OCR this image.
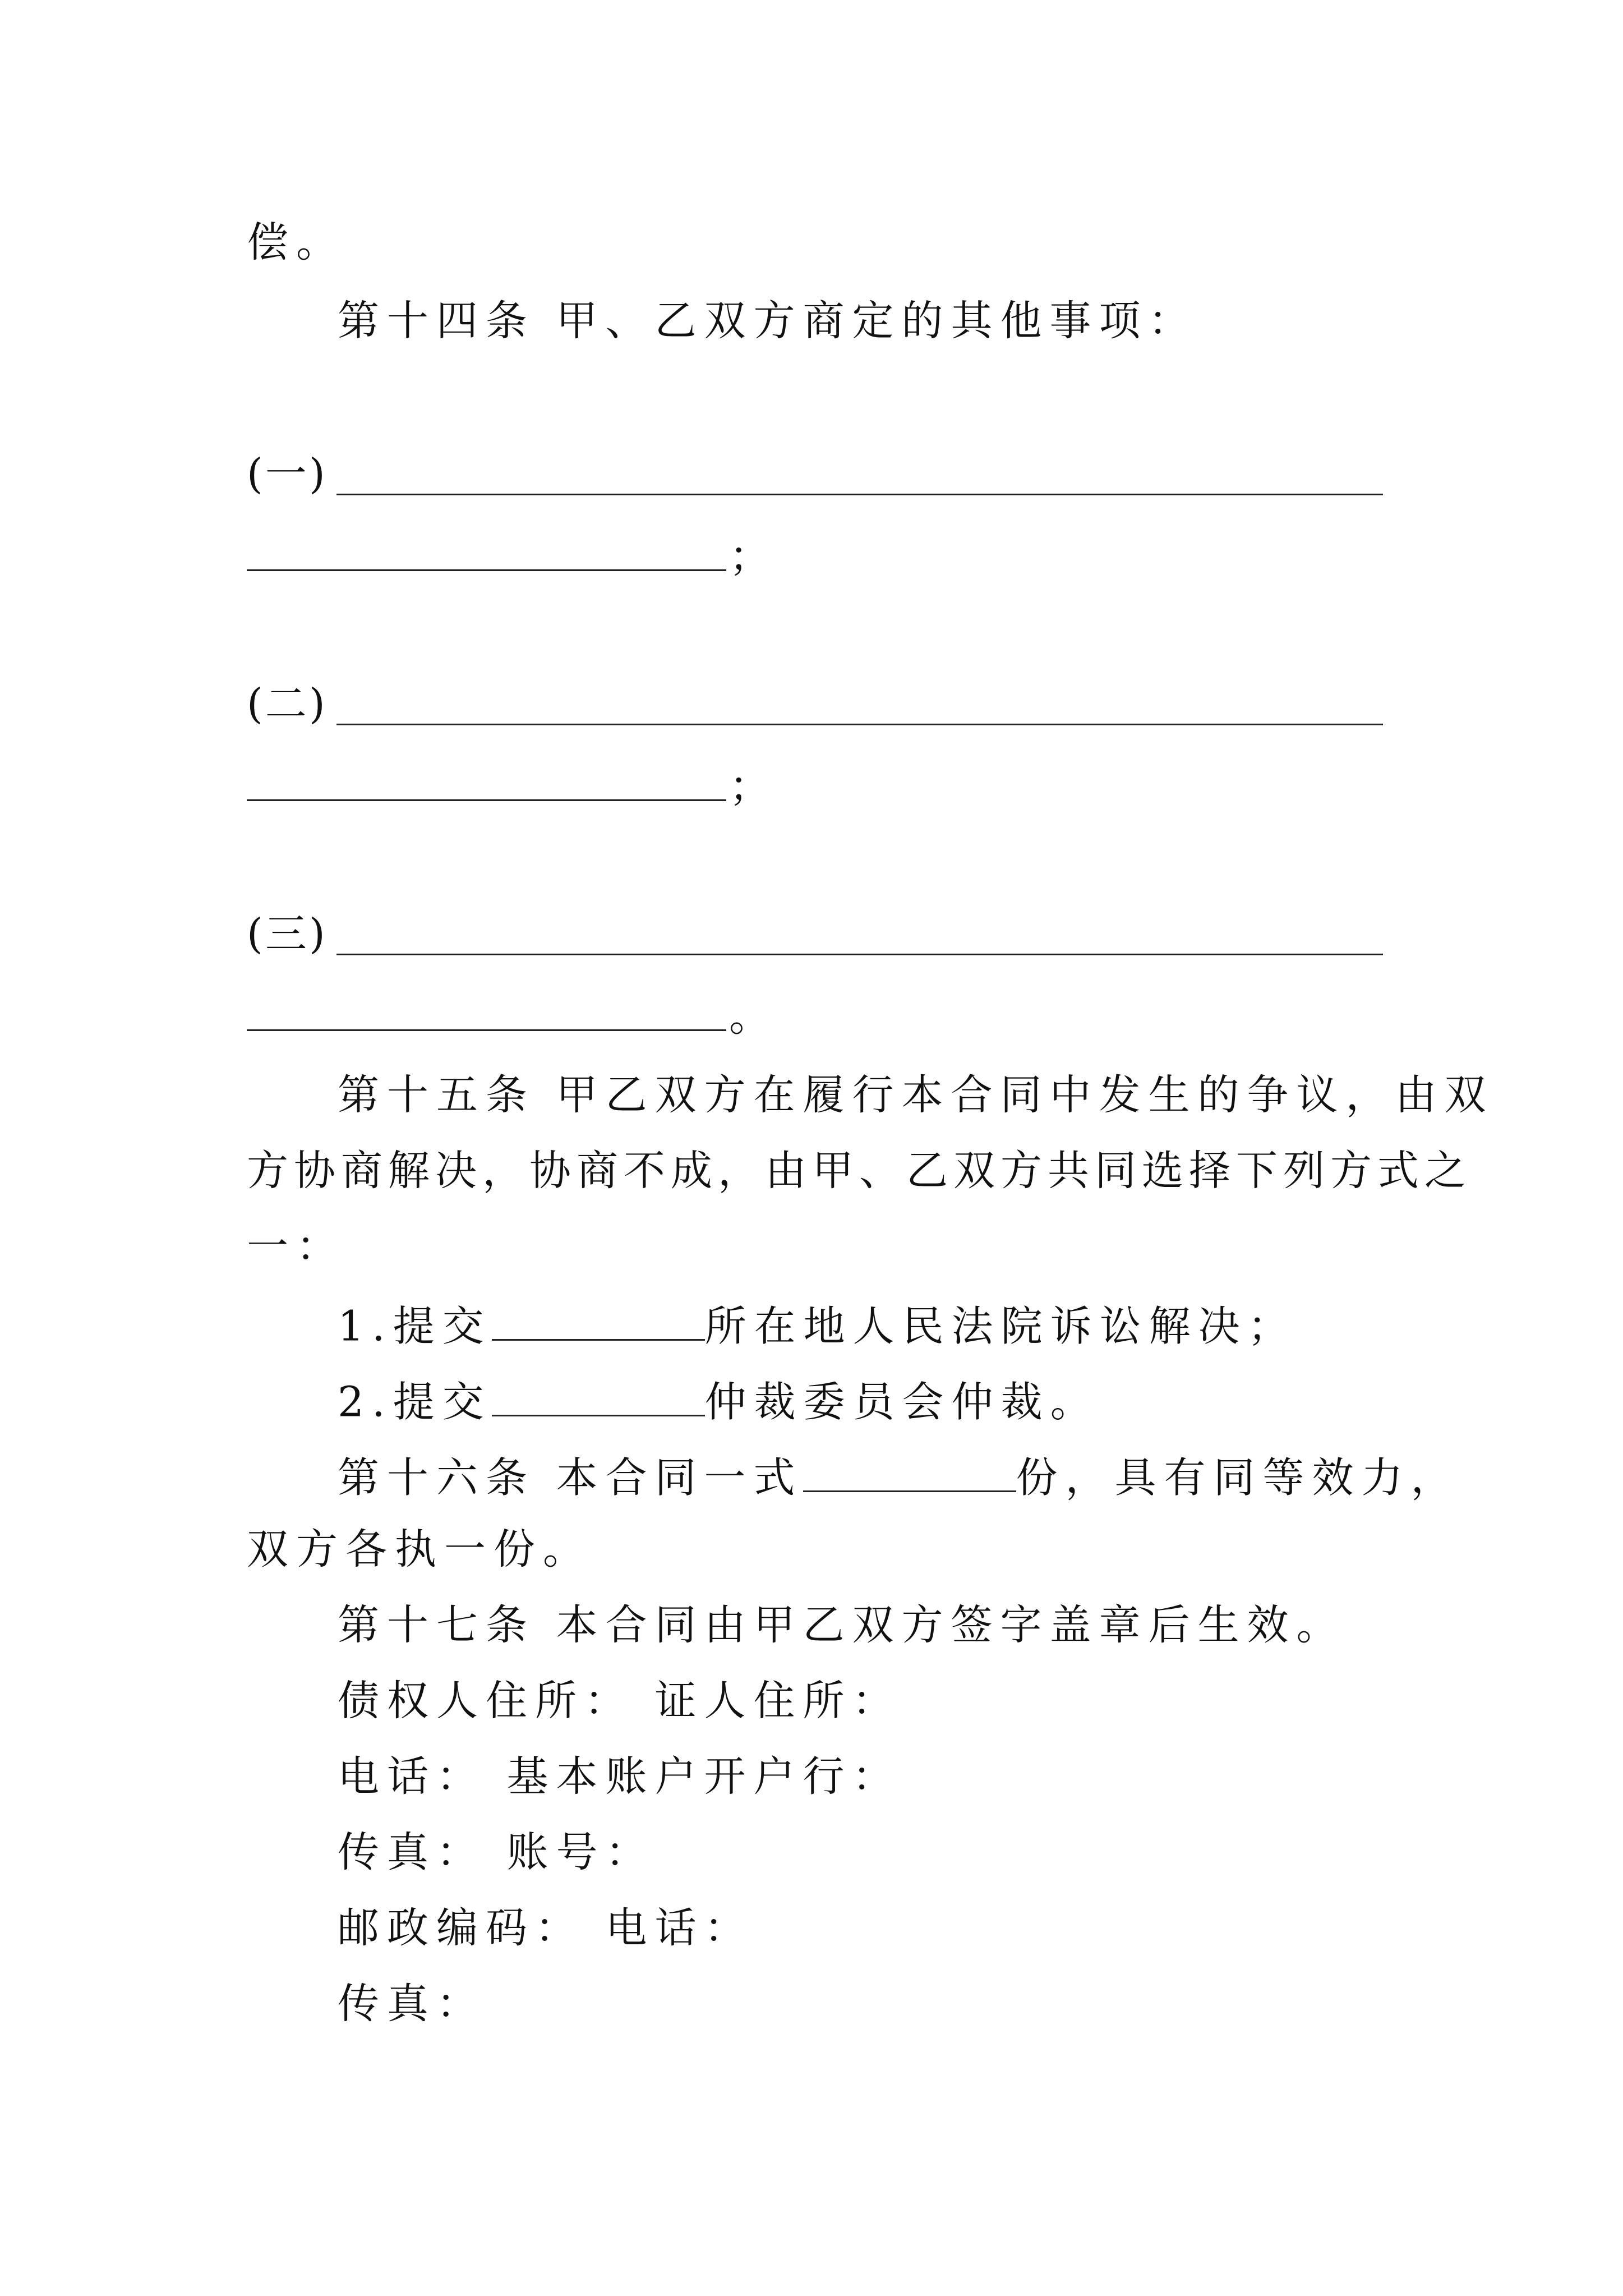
偿。
第十四条 甲、乙双方商定的其他事项：
(一)
；
(二)
；
(三)
。
第十五条 甲乙双方在履行本合同中发生的争议，由双
方协商解决，协商不成，由甲、乙双方共同选择下列方式之
一：
1.提交	所在地人民法院诉讼解决；
2.提交	仲裁委员会仲裁。
第十六条 本合同一式	份，具有同等效力，
双方各执一份。
第十七条 本合同由甲乙双方签字盖章后生效。
债权人住所： 证人住所：
电话： 基本账户开户行：
传真： 账号：
邮政编码： 电话：
传真：
